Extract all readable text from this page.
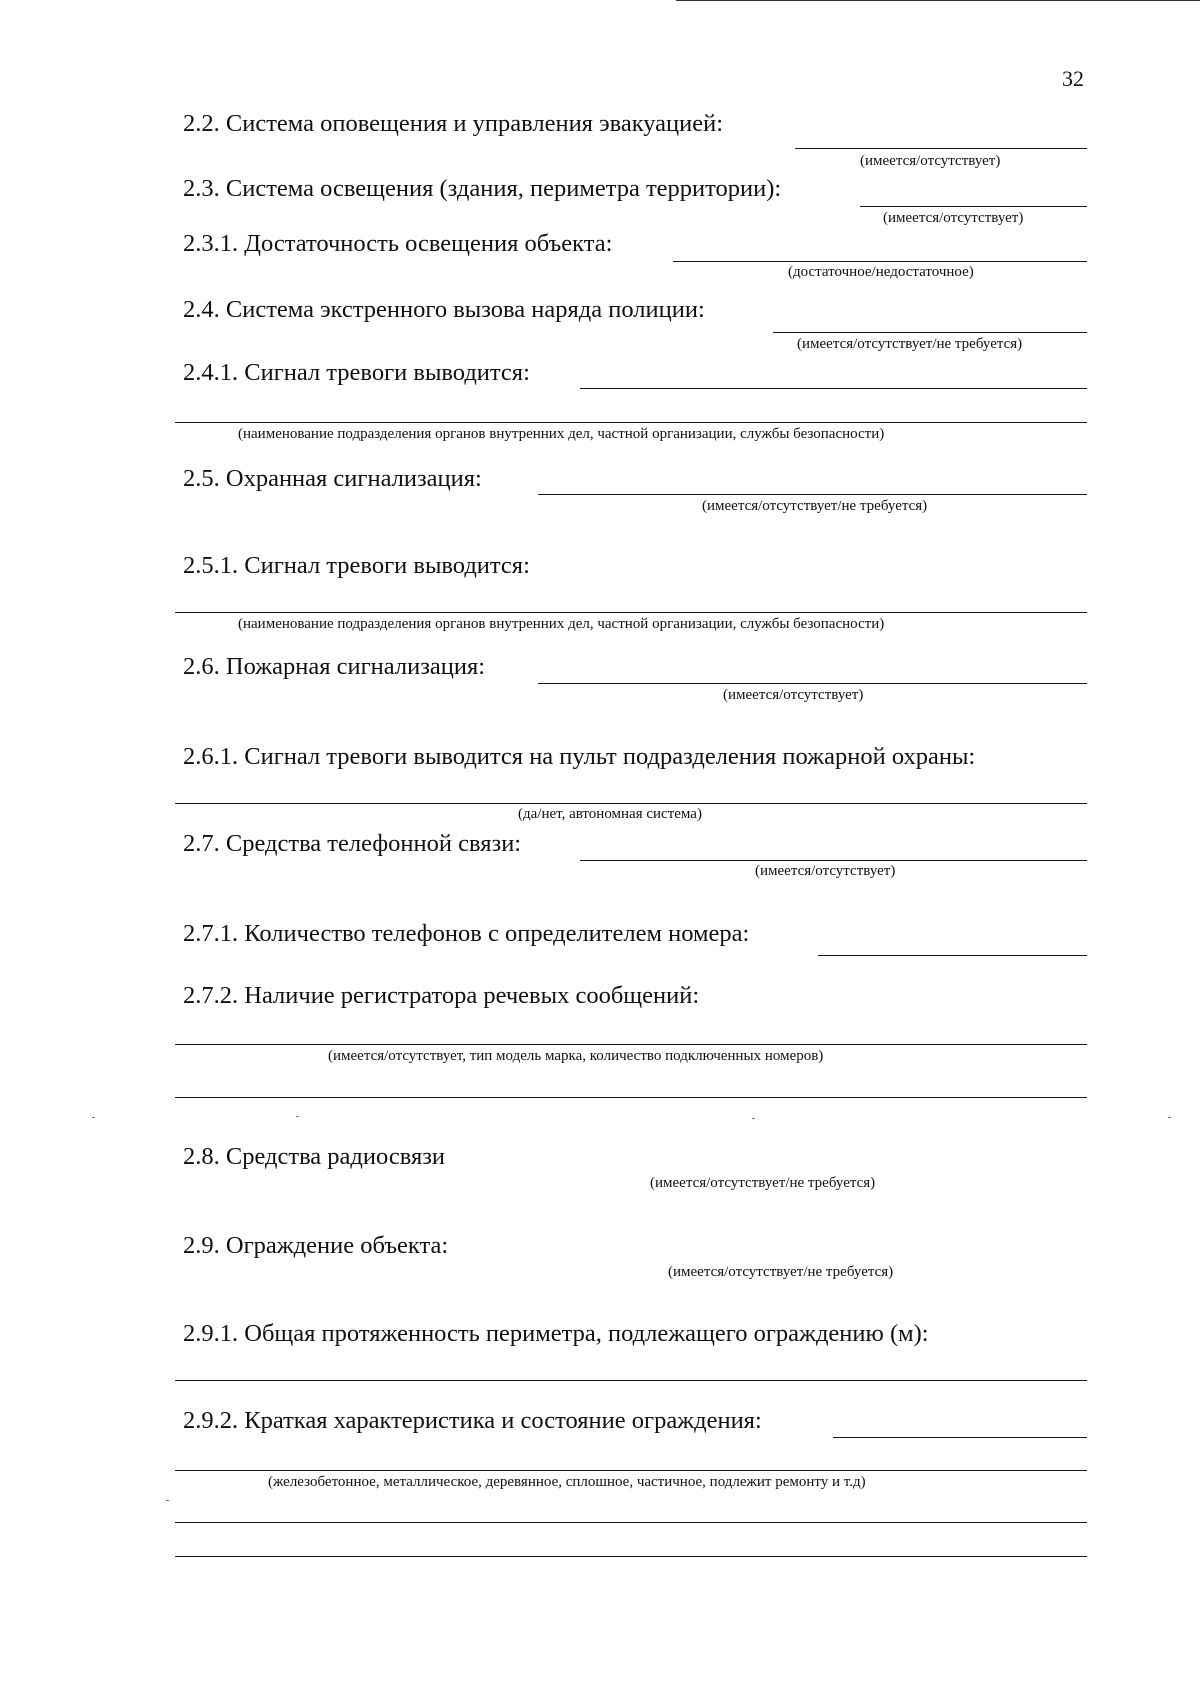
32
2.2. Система оповещения и управления эвакуацией:
(имеется/отсутствует)
2.3. Система освещения (здания, периметра территории):
(имеется/отсутствует)
2.3.1. Достаточность освещения объекта:
(достаточное/недостаточное)
2.4. Система экстренного вызова наряда полиции:
(имеется/отсутствует/не требуется)
2.4.1. Сигнал тревоги выводится:
(наименование подразделения органов внутренних дел, частной организации, службы безопасности)
2.5. Охранная сигнализация:
(имеется/отсутствует/не требуется)
2.5.1. Сигнал тревоги выводится:
(наименование подразделения органов внутренних дел, частной организации, службы безопасности)
2.6. Пожарная сигнализация:
(имеется/отсутствует)
2.6.1. Сигнал тревоги выводится на пульт подразделения пожарной охраны:
(да/нет, автономная система)
2.7. Средства телефонной связи:
(имеется/отсутствует)
2.7.1. Количество телефонов с определителем номера:
2.7.2. Наличие регистратора речевых сообщений:
(имеется/отсутствует, тип модель марка, количество подключенных номеров)
2.8. Средства радиосвязи
(имеется/отсутствует/не требуется)
2.9. Ограждение объекта:
(имеется/отсутствует/не требуется)
2.9.1. Общая протяженность периметра, подлежащего ограждению (м):
2.9.2. Краткая характеристика и состояние ограждения:
(железобетонное, металлическое, деревянное, сплошное, частичное, подлежит ремонту и т.д)
